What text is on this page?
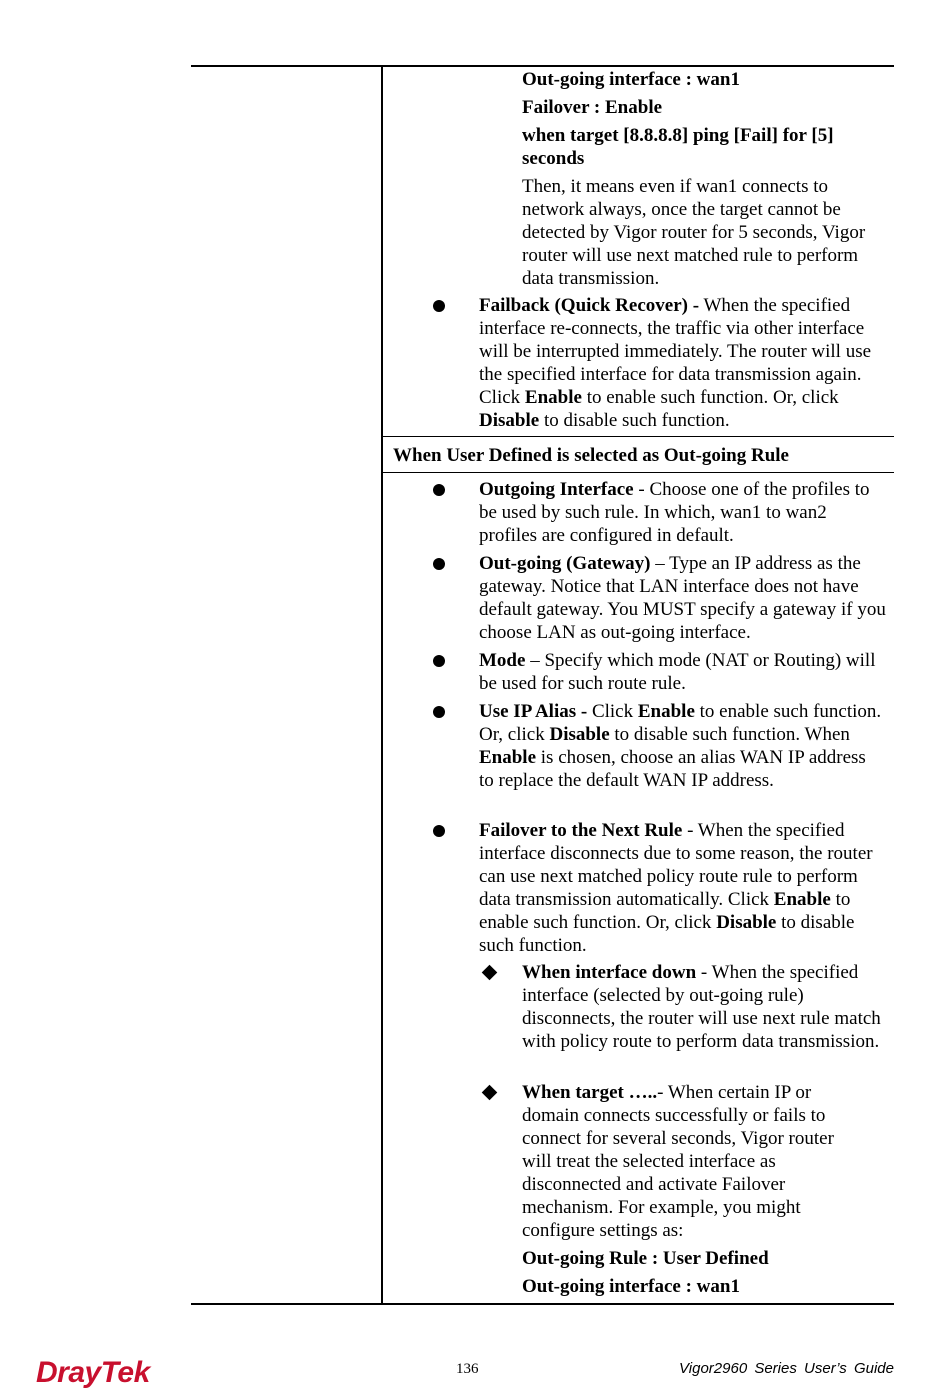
Out-going interface : wan1

Failover : Enable

when target [8.8.8.8] ping [Fail] for [5] seconds

Then, it means even if wan1 connects to network always, once the target cannot be detected by Vigor router for 5 seconds, Vigor router will use next matched rule to perform data transmission.

Failback (Quick Recover) - When the specified interface re-connects, the traffic via other interface will be interrupted immediately. The router will use the specified interface for data transmission again. Click Enable to enable such function. Or, click Disable to disable such function.

When User Defined is selected as Out-going Rule

Outgoing Interface - Choose one of the profiles to be used by such rule. In which, wan1 to wan2 profiles are configured in default.

Out-going (Gateway) – Type an IP address as the gateway. Notice that LAN interface does not have default gateway. You MUST specify a gateway if you choose LAN as out-going interface.

Mode – Specify which mode (NAT or Routing) will be used for such route rule.

Use IP Alias - Click Enable to enable such function. Or, click Disable to disable such function. When Enable is chosen, choose an alias WAN IP address to replace the default WAN IP address.

Failover to the Next Rule - When the specified interface disconnects due to some reason, the router can use next matched policy route rule to perform data transmission automatically. Click Enable to enable such function. Or, click Disable to disable such function.

When interface down - When the specified interface (selected by out-going rule) disconnects, the router will use next rule match with policy route to perform data transmission.

When target …..- When certain IP or domain connects successfully or fails to connect for several seconds, Vigor router will treat the selected interface as disconnected and activate Failover mechanism. For example, you might configure settings as:

Out-going Rule : User Defined

Out-going interface : wan1

DrayTek	136	Vigor2960 Series User’s Guide
